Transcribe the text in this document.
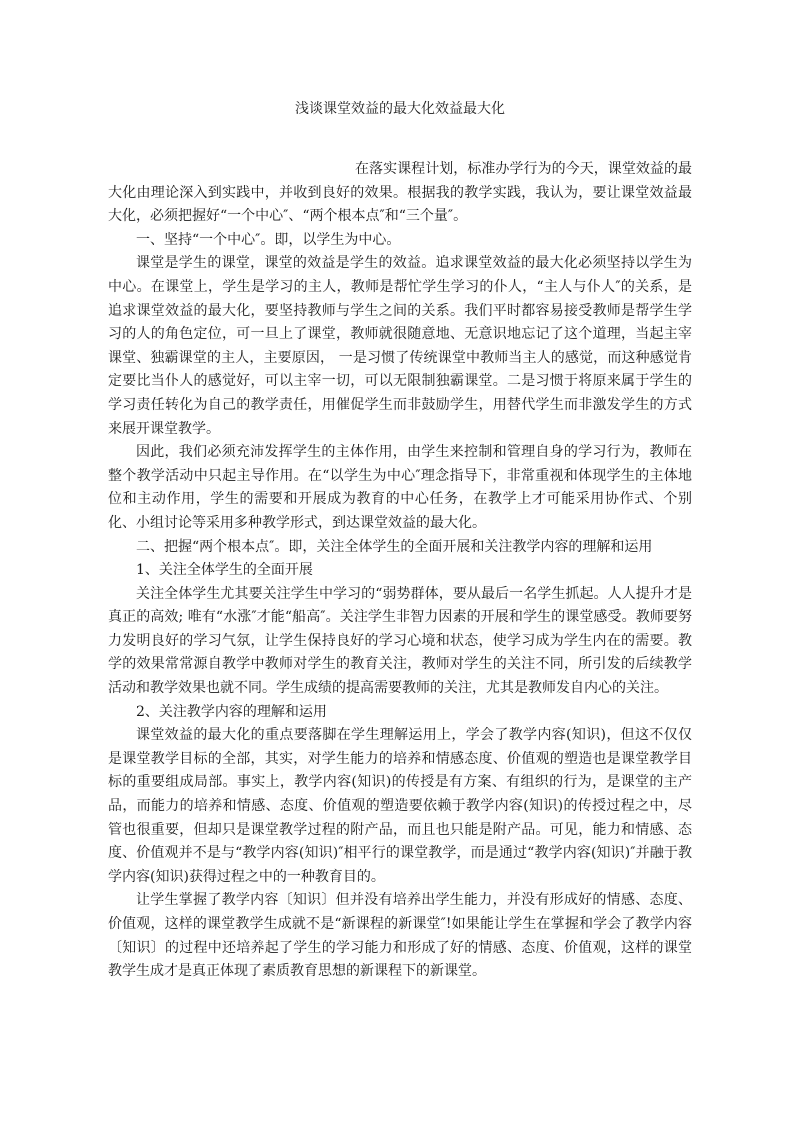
浅谈课堂效益的最大化效益最大化

在落实课程计划，标准办学行为的今天，课堂效益的最大化由理论深入到实践中，并收到良好的效果。根据我的教学实践，我认为，要让课堂效益最大化，必须把握好“一个中心″、“两个根本点″和“三个量″。

一、坚持“一个中心″。即，以学生为中心。

课堂是学生的课堂，课堂的效益是学生的效益。追求课堂效益的最大化必须坚持以学生为中心。在课堂上，学生是学习的主人，教师是帮忙学生学习的仆人，“主人与仆人″的关系，是追求课堂效益的最大化，要坚持教师与学生之间的关系。我们平时都容易接受教师是帮学生学习的人的角色定位，可一旦上了课堂，教师就很随意地、无意识地忘记了这个道理，当起主宰课堂、独霸课堂的主人，主要原因， 一是习惯了传统课堂中教师当主人的感觉，而这种感觉肯定要比当仆人的感觉好，可以主宰一切，可以无限制独霸课堂。二是习惯于将原来属于学生的学习责任转化为自己的教学责任，用催促学生而非鼓励学生，用替代学生而非激发学生的方式来展开课堂教学。

因此，我们必须充沛发挥学生的主体作用，由学生来控制和管理自身的学习行为，教师在整个教学活动中只起主导作用。在“以学生为中心″理念指导下，非常重视和体现学生的主体地位和主动作用，学生的需要和开展成为教育的中心任务，在教学上才可能采用协作式、个别化、小组讨论等采用多种教学形式，到达课堂效益的最大化。

二、把握“两个根本点″。即，关注全体学生的全面开展和关注教学内容的理解和运用

1、关注全体学生的全面开展

关注全体学生尤其要关注学生中学习的“弱势群体，要从最后一名学生抓起。人人提升才是真正的高效; 唯有“水涨″才能“船高″。关注学生非智力因素的开展和学生的课堂感受。教师要努力发明良好的学习气氛，让学生保持良好的学习心境和状态，使学习成为学生内在的需要。教学的效果常常源自教学中教师对学生的教育关注，教师对学生的关注不同，所引发的后续教学活动和教学效果也就不同。学生成绩的提高需要教师的关注，尤其是教师发自内心的关注。

2、关注教学内容的理解和运用

课堂效益的最大化的重点要落脚在学生理解运用上，学会了教学内容(知识)，但这不仅仅是课堂教学目标的全部，其实，对学生能力的培养和情感态度、价值观的塑造也是课堂教学目标的重要组成局部。事实上，教学内容(知识)的传授是有方案、有组织的行为，是课堂的主产品，而能力的培养和情感、态度、价值观的塑造要依赖于教学内容(知识)的传授过程之中，尽管也很重要，但却只是课堂教学过程的附产品，而且也只能是附产品。可见，能力和情感、态度、价值观并不是与“教学内容(知识)″相平行的课堂教学，而是通过“教学内容(知识)″并融于教学内容(知识)获得过程之中的一种教育目的。

让学生掌握了教学内容〔知识〕但并没有培养出学生能力，并没有形成好的情感、态度、价值观，这样的课堂教学生成就不是“新课程的新课堂″!如果能让学生在掌握和学会了教学内容〔知识〕的过程中还培养起了学生的学习能力和形成了好的情感、态度、价值观，这样的课堂教学生成才是真正体现了素质教育思想的新课程下的新课堂。
